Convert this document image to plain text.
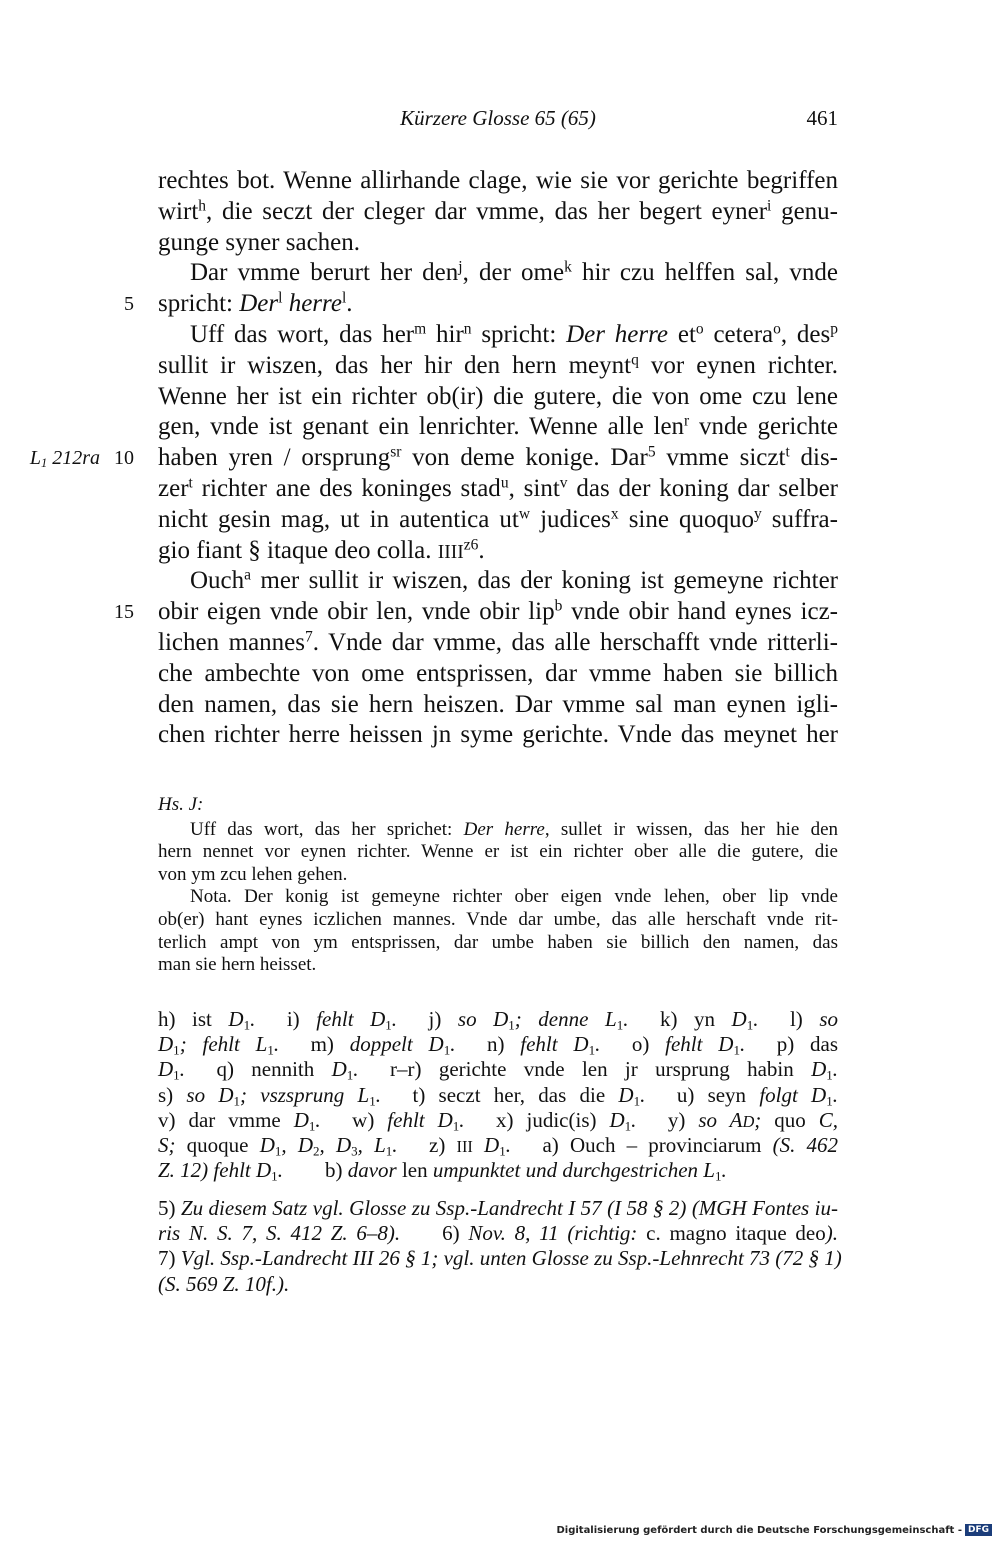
Kürzere Glosse 65 (65)	461
rechtes bot. Wenne allirhande clage, wie sie vor gerichte begriffen
wirt$^h$, die seczt der cleger dar vmme, das her begert eyner$^i$ genu-
gunge syner sachen.
Dar vmme berurt her den$^j$, der ome$^k$ hir czu helffen sal, vnde
5 spricht: Der$^l$ herre$^l$.
Uff das wort, das her$^m$ hir$^n$ spricht: Der herre $et^o$ cetera$^o$, des$^p$
sullit ir wiszen, das her hir den hern meynt$^q$ vor eynen richter.
Wenne her ist ein richter ob(ir) die gutere, die von ome czu lene
gen, vnde ist genant ein lenrichter. Wenne alle len$^r$ vnde gerichte
$L_1$ 212ra 10 haben yren / orsprung$^{sr}$ von deme konige. Dar$^5$ vmme siczt$^t$ dis-
zer$^t$ richter ane des koninges stad$^u$, sint$^v$ das der koning dar selber
nicht gesin mag, ut in autentica $ut^w$ judices$^x$ sine quoquo$^y$ suffra-
gio fiant § itaque deo colla. $IIII^{z6}$.
Ouch$^a$ mer sullit ir wiszen, das der koning ist gemeyne richter
15 obir eigen vnde obir len, vnde obir lip$^b$ vnde obir hand eynes icz-
lichen mannes$^7$. Vnde dar vmme, das alle herschafft vnde ritterli-
che ambechte von ome entsprissen, dar vmme haben sie billich
den namen, das sie hern heiszen. Dar vmme sal man eynen igli-
chen richter herre heissen jn syme gerichte. Vnde das meynet her
Hs. J:
Uff das wort, das her sprichet: Der herre, sullet ir wissen, das her hie den
hern nennet vor eynen richter. Wenne er ist ein richter ober alle die gutere, die
von ym zcu lehen gehen.
Nota. Der konig ist gemeyne richter ober eigen vnde lehen, ober lip vnde
ob(er) hant eynes iczlichen mannes. Vnde dar umbe, das alle herschaft vnde rit-
terlich ampt von ym entsprissen, dar umbe haben sie billich den namen, das
man sie hern heisset.
h) ist $D_1$.   i) fehlt $D_1$.   j) so $D_1$; denne $L_1$.   k) yn $D_1$.   l) so
$D_1$; fehlt $L_1$.   m) doppelt $D_1$.   n) fehlt $D_1$.   o) fehlt $D_1$.   p) das
$D_1$.   q) nennith $D_1$.   r–r) gerichte vnde len jr ursprung habin $D_1$.
s) so $D_1$; vszsprung $L_1$.   t) seczt her, das die $D_1$.   u) seyn folgt $D_1$.
v) dar vmme $D_1$.   w) fehlt $D_1$.   x) judic(is) $D_1$.   y) so AD; quo C,
S; quoque $D_1$, $D_2$, $D_3$, $L_1$.   z) III $D_1$.   a) Ouch – provinciarum (S. 462
Z. 12) fehlt $D_1$.   b) davor len umpunktet und durchgestrichen $L_1$.
5) Zu diesem Satz vgl. Glosse zu Ssp.-Landrecht I 57 (I 58 § 2) (MGH Fontes iu-
ris N. S. 7, S. 412 Z. 6–8).   6) Nov. 8, 11 (richtig: c. magno itaque deo).
7) Vgl. Ssp.-Landrecht III 26 § 1; vgl. unten Glosse zu Ssp.-Lehnrecht 73 (72 § 1)
(S. 569 Z. 10f.).
Digitalisierung gefördert durch die Deutsche Forschungsgemeinschaft - DFG
